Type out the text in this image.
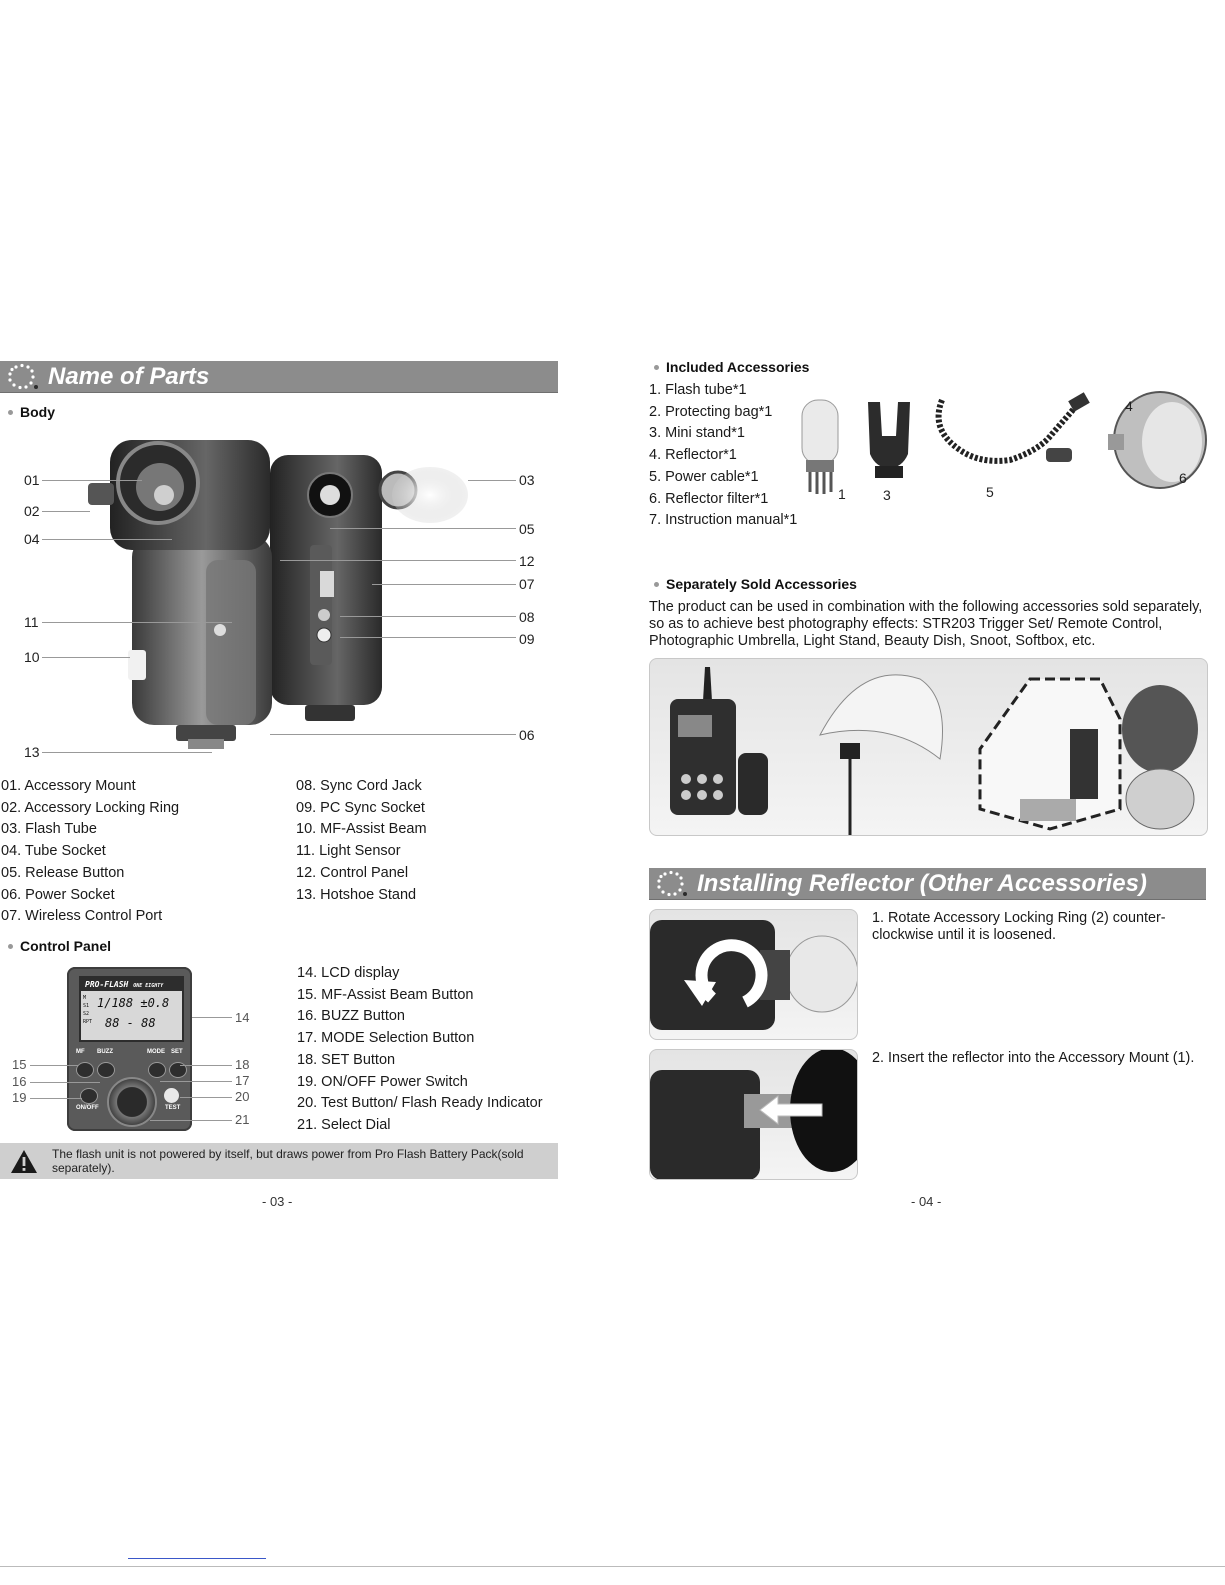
Name of Parts
Body
01
02
04
11
10
13
03
05
12
07
08
09
06
01. Accessory Mount
02. Accessory Locking Ring
03. Flash Tube
04. Tube Socket
05. Release Button
06. Power Socket
07. Wireless Control Port
08. Sync Cord Jack
09. PC Sync Socket
10. MF-Assist Beam
11. Light Sensor
12. Control Panel
13. Hotshoe Stand
Control Panel
PRO-FLASH ONE EIGHTY
M
S1
S2
RPT
1/188 ±0.8
88 - 88
MF BUZZ	MODE SET
ON/OFF	TEST
15
16
19
14
18
17
20
21
14. LCD display
15. MF-Assist Beam Button
16. BUZZ Button
17. MODE Selection Button
18. SET Button
19. ON/OFF Power Switch
20. Test Button/ Flash Ready Indicator
21. Select Dial
The flash unit is not powered by itself, but draws power from Pro Flash Battery Pack(sold separately).
- 03 -
Included Accessories
1. Flash tube*1
2. Protecting bag*1
3. Mini stand*1
4. Reflector*1
5. Power cable*1
6. Reflector filter*1
7. Instruction manual*1
1	3	5
4
6
Separately Sold Accessories
The product can be used in combination with the following accessories sold separately, so as to achieve best photography effects: STR203 Trigger Set/ Remote Control, Photographic Umbrella, Light Stand, Beauty Dish, Snoot, Softbox, etc.
Installing Reflector (Other Accessories)
1. Rotate Accessory Locking Ring (2) counter-clockwise until it is loosened.
2. Insert the reflector into the Accessory Mount (1).
- 04 -
